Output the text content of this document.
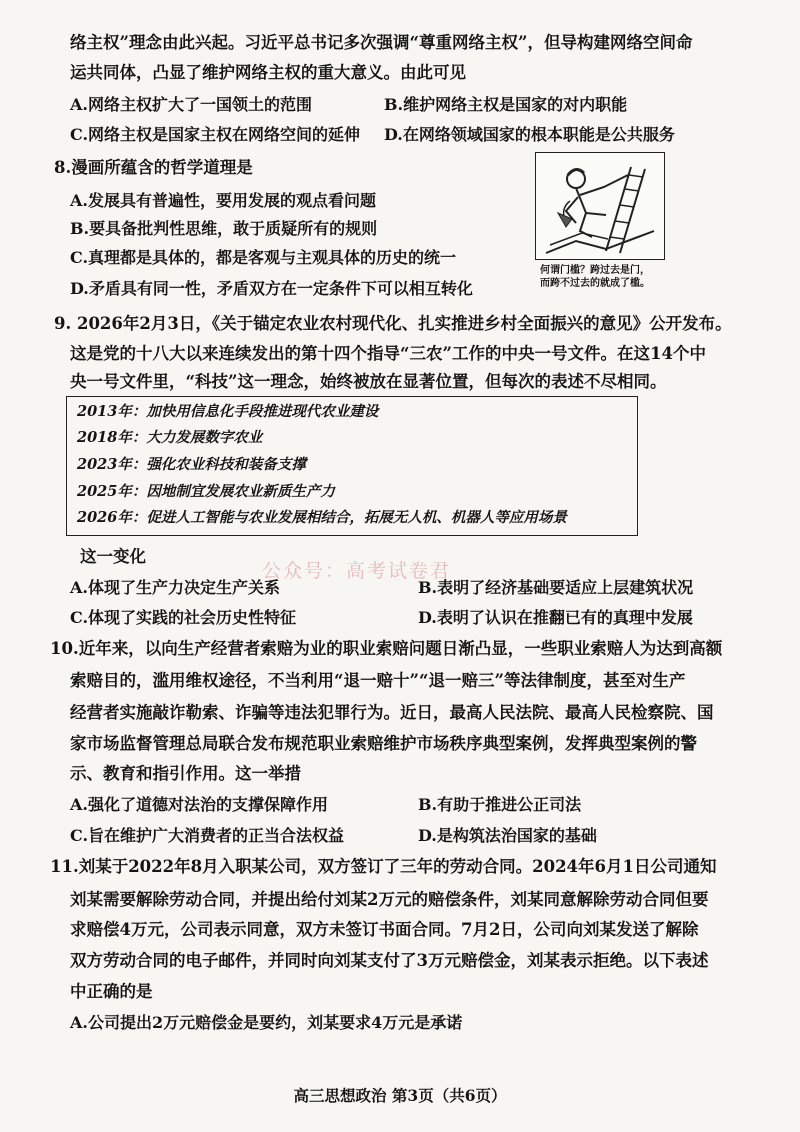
络主权”理念由此兴起。习近平总书记多次强调“尊重网络主权”，但导构建网络空间命
运共同体，凸显了维护网络主权的重大意义。由此可见
A.网络主权扩大了一国领土的范围	B.维护网络主权是国家的对内职能
C.网络主权是国家主权在网络空间的延伸 D.在网络领域国家的根本职能是公共服务
8.漫画所蕴含的哲学道理是
A.发展具有普遍性，要用发展的观点看问题
B.要具备批判性思维，敢于质疑所有的规则
C.真理都是具体的，都是客观与主观具体的历史的统一
D.矛盾具有同一性，矛盾双方在一定条件下可以相互转化
何谓门槛？跨过去是门，
而跨不过去的就成了槛。
9. 2026年2月3日，《关于锚定农业农村现代化、扎实推进乡村全面振兴的意见》公开发布。
这是党的十八大以来连续发出的第十四个指导“三农”工作的中央一号文件。在这14个中
央一号文件里，“科技”这一理念，始终被放在显著位置，但每次的表述不尽相同。
2013年：加快用信息化手段推进现代农业建设
2018年：大力发展数字农业
2023年：强化农业科技和装备支撑
2025年：因地制宜发展农业新质生产力
2026年：促进人工智能与农业发展相结合，拓展无人机、机器人等应用场景
这一变化
公众号：高考试卷君
A.体现了生产力决定生产关系	B.表明了经济基础要适应上层建筑状况
C.体现了实践的社会历史性特征	D.表明了认识在推翻已有的真理中发展
10.近年来，以向生产经营者索赔为业的职业索赔问题日渐凸显，一些职业索赔人为达到高额
索赔目的，滥用维权途径，不当利用“退一赔十”“退一赔三”等法律制度，甚至对生产
经营者实施敲诈勒索、诈骗等违法犯罪行为。近日，最高人民法院、最高人民检察院、国
家市场监督管理总局联合发布规范职业索赔维护市场秩序典型案例，发挥典型案例的警
示、教育和指引作用。这一举措
A.强化了道德对法治的支撑保障作用	B.有助于推进公正司法
C.旨在维护广大消费者的正当合法权益	D.是构筑法治国家的基础
11.刘某于2022年8月入职某公司，双方签订了三年的劳动合同。2024年6月1日公司通知
刘某需要解除劳动合同，并提出给付刘某2万元的赔偿条件，刘某同意解除劳动合同但要
求赔偿4万元，公司表示同意，双方未签订书面合同。7月2日，公司向刘某发送了解除
双方劳动合同的电子邮件，并同时向刘某支付了3万元赔偿金，刘某表示拒绝。以下表述
中正确的是
A.公司提出2万元赔偿金是要约，刘某要求4万元是承诺
高三思想政治 第3页（共6页）
